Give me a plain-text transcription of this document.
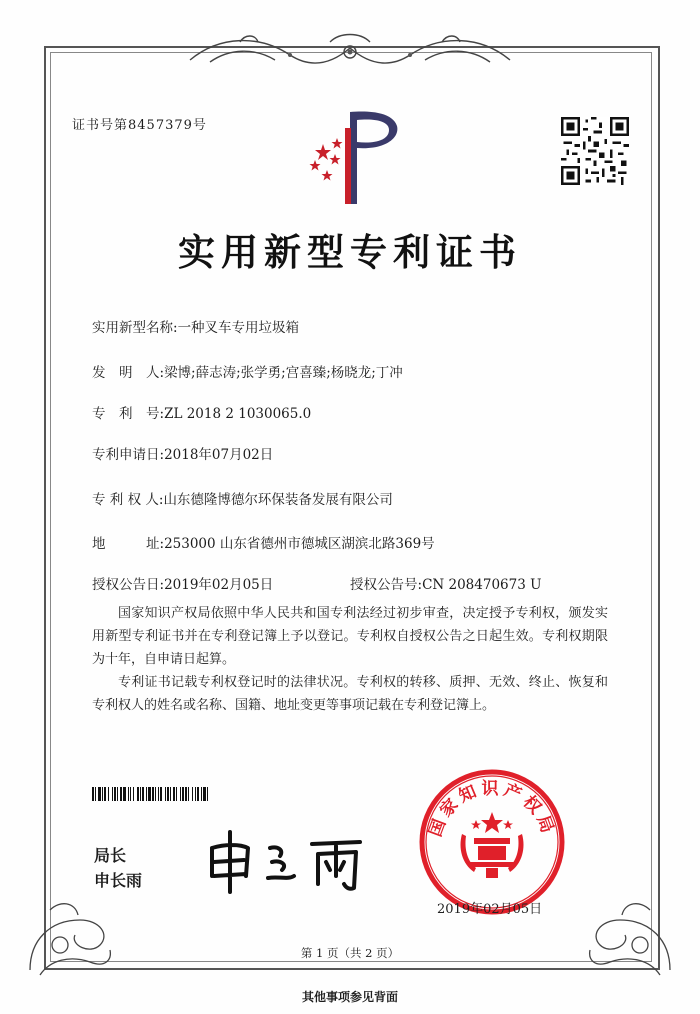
证书号第8457379号
实用新型专利证书
实用新型名称:一种叉车专用垃圾箱
发　明　人:梁博;薛志涛;张学勇;宫喜臻;杨晓龙;丁冲
专　利　号:ZL 2018 2 1030065.0
专利申请日:2018年07月02日
专 利 权 人:山东德隆博德尔环保装备发展有限公司
地　　　址:253000 山东省德州市德城区湖滨北路369号
授权公告日:2019年02月05日	授权公告号:CN 208470673 U
国家知识产权局依照中华人民共和国专利法经过初步审查，决定授予专利权，颁发实用新型专利证书并在专利登记簿上予以登记。专利权自授权公告之日起生效。专利权期限为十年，自申请日起算。
专利证书记载专利权登记时的法律状况。专利权的转移、质押、无效、终止、恢复和专利权人的姓名或名称、国籍、地址变更等事项记载在专利登记簿上。
局长
申长雨
国家知识产权局
2019年02月05日
第 1 页（共 2 页）
其他事项参见背面
